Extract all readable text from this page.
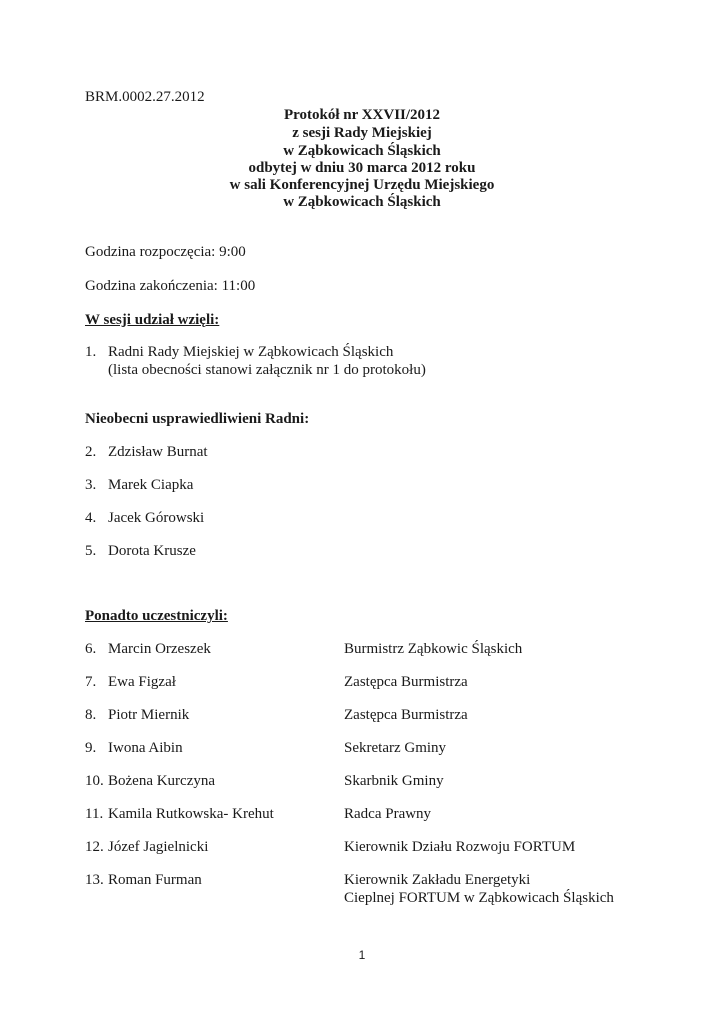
BRM.0002.27.2012
Protokół nr XXVII/2012
z sesji Rady Miejskiej
w Ząbkowicach Śląskich
odbytej w dniu 30 marca 2012 roku
w sali Konferencyjnej Urzędu Miejskiego
w Ząbkowicach Śląskich
Godzina rozpoczęcia: 9:00
Godzina zakończenia: 11:00
W sesji udział wzięli:
1. Radni Rady Miejskiej w Ząbkowicach Śląskich
(lista obecności stanowi załącznik nr 1 do protokołu)
Nieobecni usprawiedliwieni Radni:
2. Zdzisław Burnat
3. Marek Ciapka
4. Jacek Górowski
5. Dorota Krusze
Ponadto uczestniczyli:
6. Marcin Orzeszek	Burmistrz Ząbkowic Śląskich
7. Ewa Figzał	Zastępca Burmistrza
8. Piotr Miernik	Zastępca Burmistrza
9. Iwona Aibin	Sekretarz Gminy
10. Bożena Kurczyna	Skarbnik Gminy
11. Kamila Rutkowska- Krehut	Radca Prawny
12. Józef Jagielnicki	Kierownik Działu Rozwoju FORTUM
13. Roman Furman	Kierownik Zakładu Energetyki
Cieplnej FORTUM w Ząbkowicach Śląskich
1
